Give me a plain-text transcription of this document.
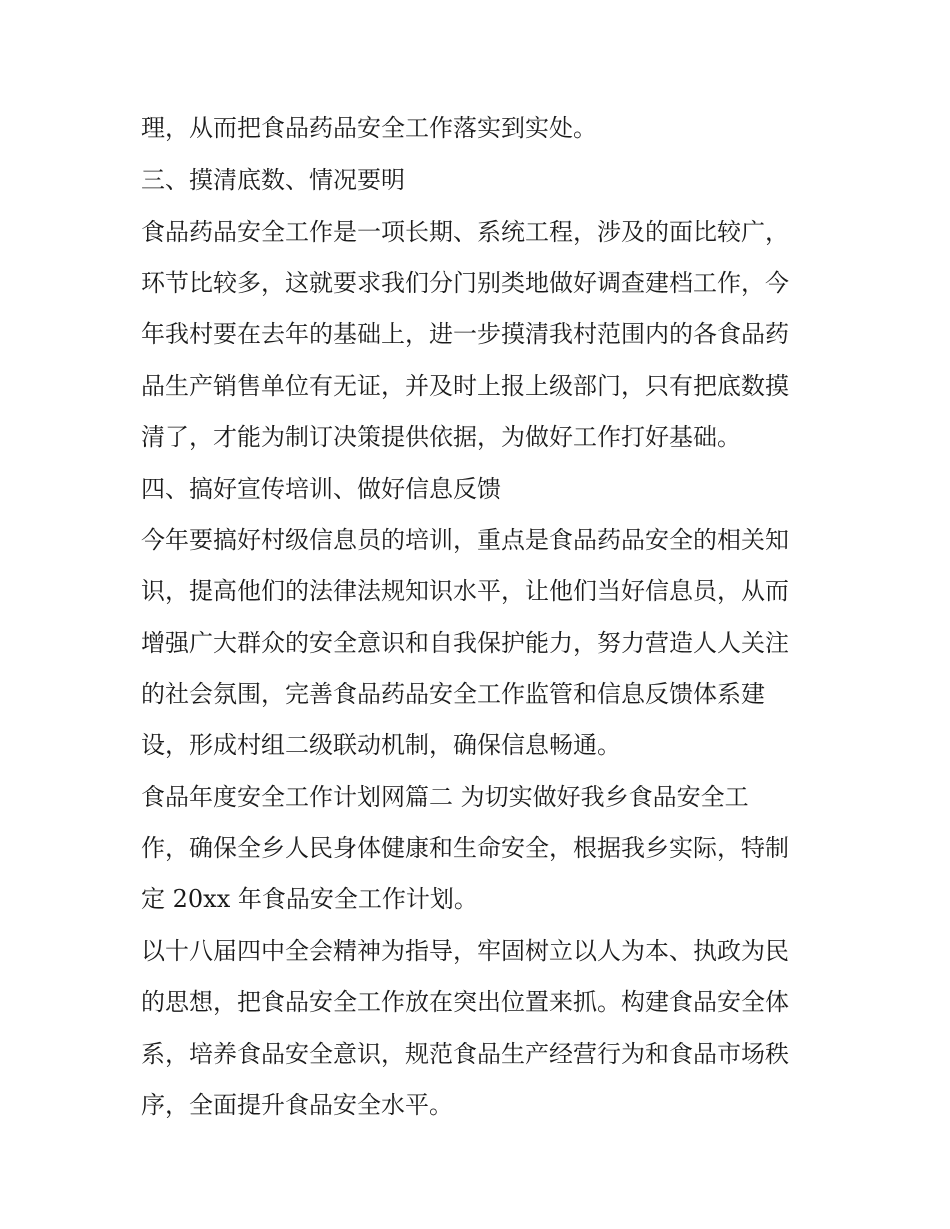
理，从而把食品药品安全工作落实到实处。
三、摸清底数、情况要明
食品药品安全工作是一项长期、系统工程，涉及的面比较广，
环节比较多，这就要求我们分门别类地做好调查建档工作，今
年我村要在去年的基础上，进一步摸清我村范围内的各食品药
品生产销售单位有无证，并及时上报上级部门，只有把底数摸
清了，才能为制订决策提供依据，为做好工作打好基础。
四、搞好宣传培训、做好信息反馈
今年要搞好村级信息员的培训，重点是食品药品安全的相关知
识，提高他们的法律法规知识水平，让他们当好信息员，从而
增强广大群众的安全意识和自我保护能力，努力营造人人关注
的社会氛围，完善食品药品安全工作监管和信息反馈体系建
设，形成村组二级联动机制，确保信息畅通。
食品年度安全工作计划网篇二 为切实做好我乡食品安全工
作，确保全乡人民身体健康和生命安全，根据我乡实际，特制
定 20xx 年食品安全工作计划。
以十八届四中全会精神为指导，牢固树立以人为本、执政为民
的思想，把食品安全工作放在突出位置来抓。构建食品安全体
系，培养食品安全意识，规范食品生产经营行为和食品市场秩
序，全面提升食品安全水平。
